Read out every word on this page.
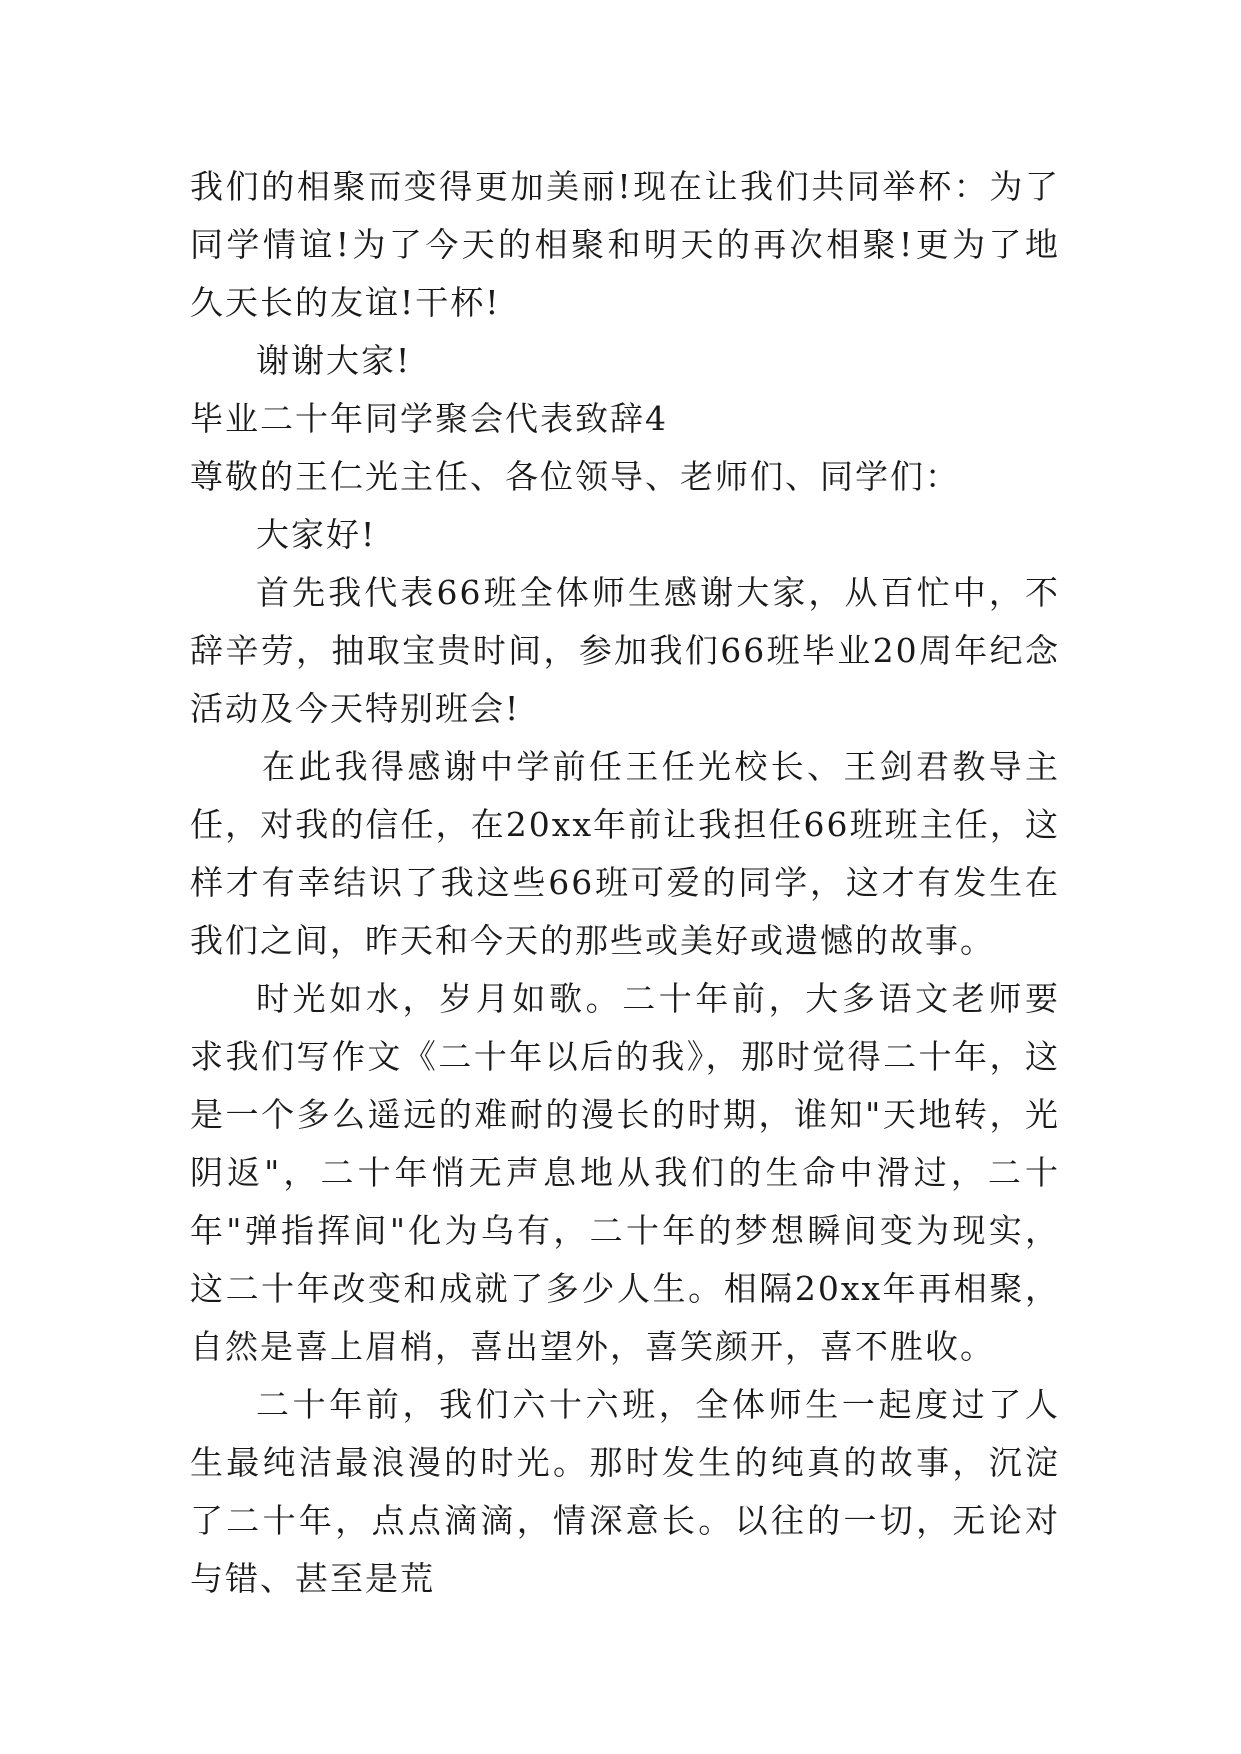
我们的相聚而变得更加美丽!现在让我们共同举杯：为了同学情谊!为了今天的相聚和明天的再次相聚!更为了地久天长的友谊!干杯!

谢谢大家!

毕业二十年同学聚会代表致辞4

尊敬的王仁光主任、各位领导、老师们、同学们：

大家好!

首先我代表66班全体师生感谢大家，从百忙中，不辞辛劳，抽取宝贵时间，参加我们66班毕业20周年纪念活动及今天特别班会!

在此我得感谢中学前任王任光校长、王剑君教导主任，对我的信任，在20xx年前让我担任66班班主任，这样才有幸结识了我这些66班可爱的同学，这才有发生在我们之间，昨天和今天的那些或美好或遗憾的故事。

时光如水，岁月如歌。二十年前，大多语文老师要求我们写作文《二十年以后的我》，那时觉得二十年，这是一个多么遥远的难耐的漫长的时期，谁知"天地转，光阴返"，二十年悄无声息地从我们的生命中滑过，二十年"弹指挥间"化为乌有，二十年的梦想瞬间变为现实，这二十年改变和成就了多少人生。相隔20xx年再相聚，自然是喜上眉梢，喜出望外，喜笑颜开，喜不胜收。

二十年前，我们六十六班，全体师生一起度过了人生最纯洁最浪漫的时光。那时发生的纯真的故事，沉淀了二十年，点点滴滴，情深意长。以往的一切，无论对与错、甚至是荒
